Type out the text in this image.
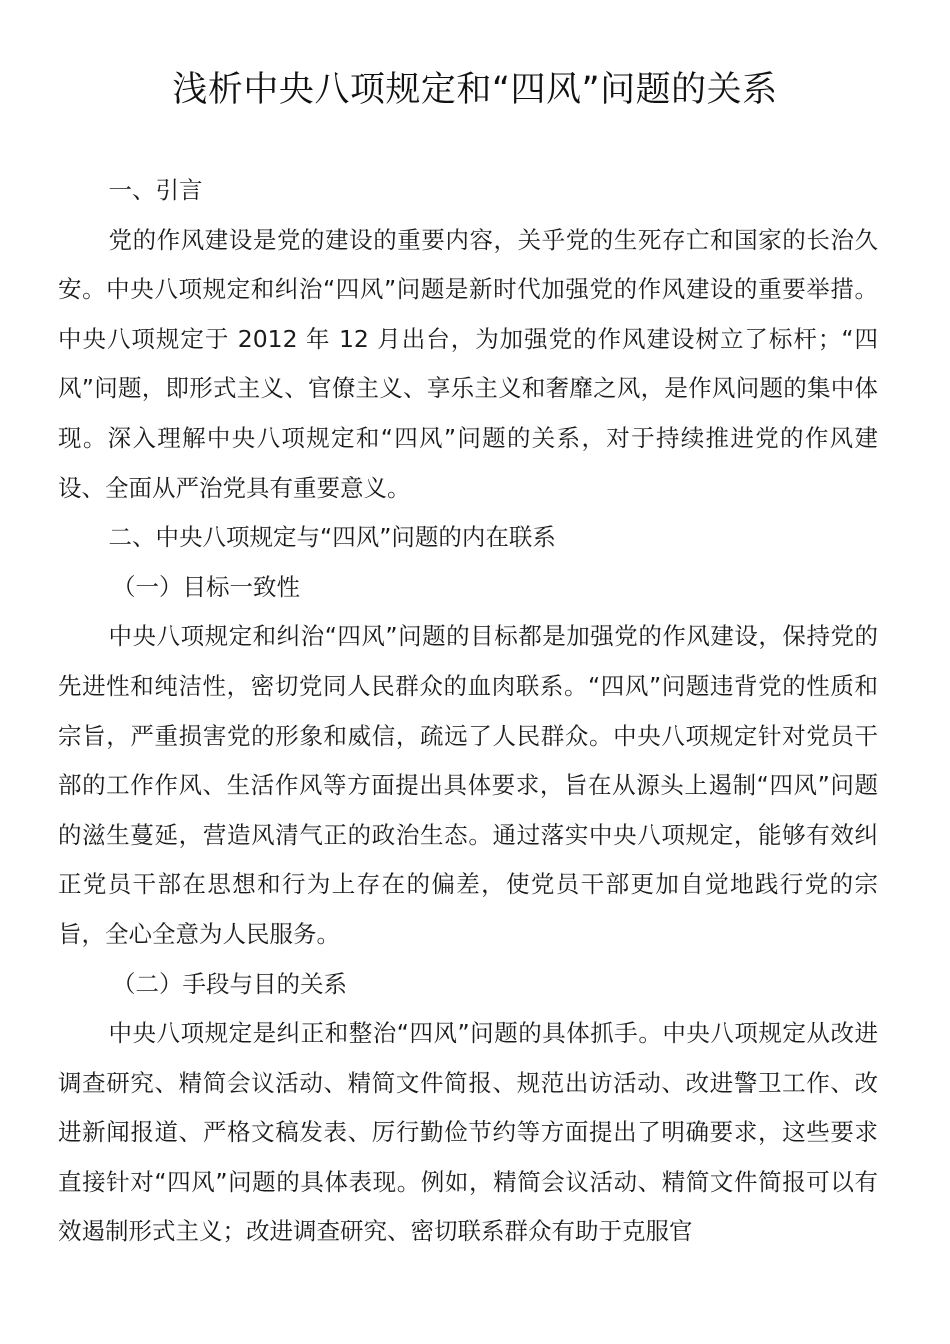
浅析中央八项规定和“四风”问题的关系

一、引言

党的作风建设是党的建设的重要内容，关乎党的生死存亡和国家的长治久安。中央八项规定和纠治“四风”问题是新时代加强党的作风建设的重要举措。中央八项规定于 2012 年 12 月出台，为加强党的作风建设树立了标杆；“四风”问题，即形式主义、官僚主义、享乐主义和奢靡之风，是作风问题的集中体现。深入理解中央八项规定和“四风”问题的关系，对于持续推进党的作风建设、全面从严治党具有重要意义。

二、中央八项规定与“四风”问题的内在联系

（一）目标一致性

中央八项规定和纠治“四风”问题的目标都是加强党的作风建设，保持党的先进性和纯洁性，密切党同人民群众的血肉联系。“四风”问题违背党的性质和宗旨，严重损害党的形象和威信，疏远了人民群众。中央八项规定针对党员干部的工作作风、生活作风等方面提出具体要求，旨在从源头上遏制“四风”问题的滋生蔓延，营造风清气正的政治生态。通过落实中央八项规定，能够有效纠正党员干部在思想和行为上存在的偏差，使党员干部更加自觉地践行党的宗旨，全心全意为人民服务。

（二）手段与目的关系

中央八项规定是纠正和整治“四风”问题的具体抓手。中央八项规定从改进调查研究、精简会议活动、精简文件简报、规范出访活动、改进警卫工作、改进新闻报道、严格文稿发表、厉行勤俭节约等方面提出了明确要求，这些要求直接针对“四风”问题的具体表现。例如，精简会议活动、精简文件简报可以有效遏制形式主义；改进调查研究、密切联系群众有助于克服官
